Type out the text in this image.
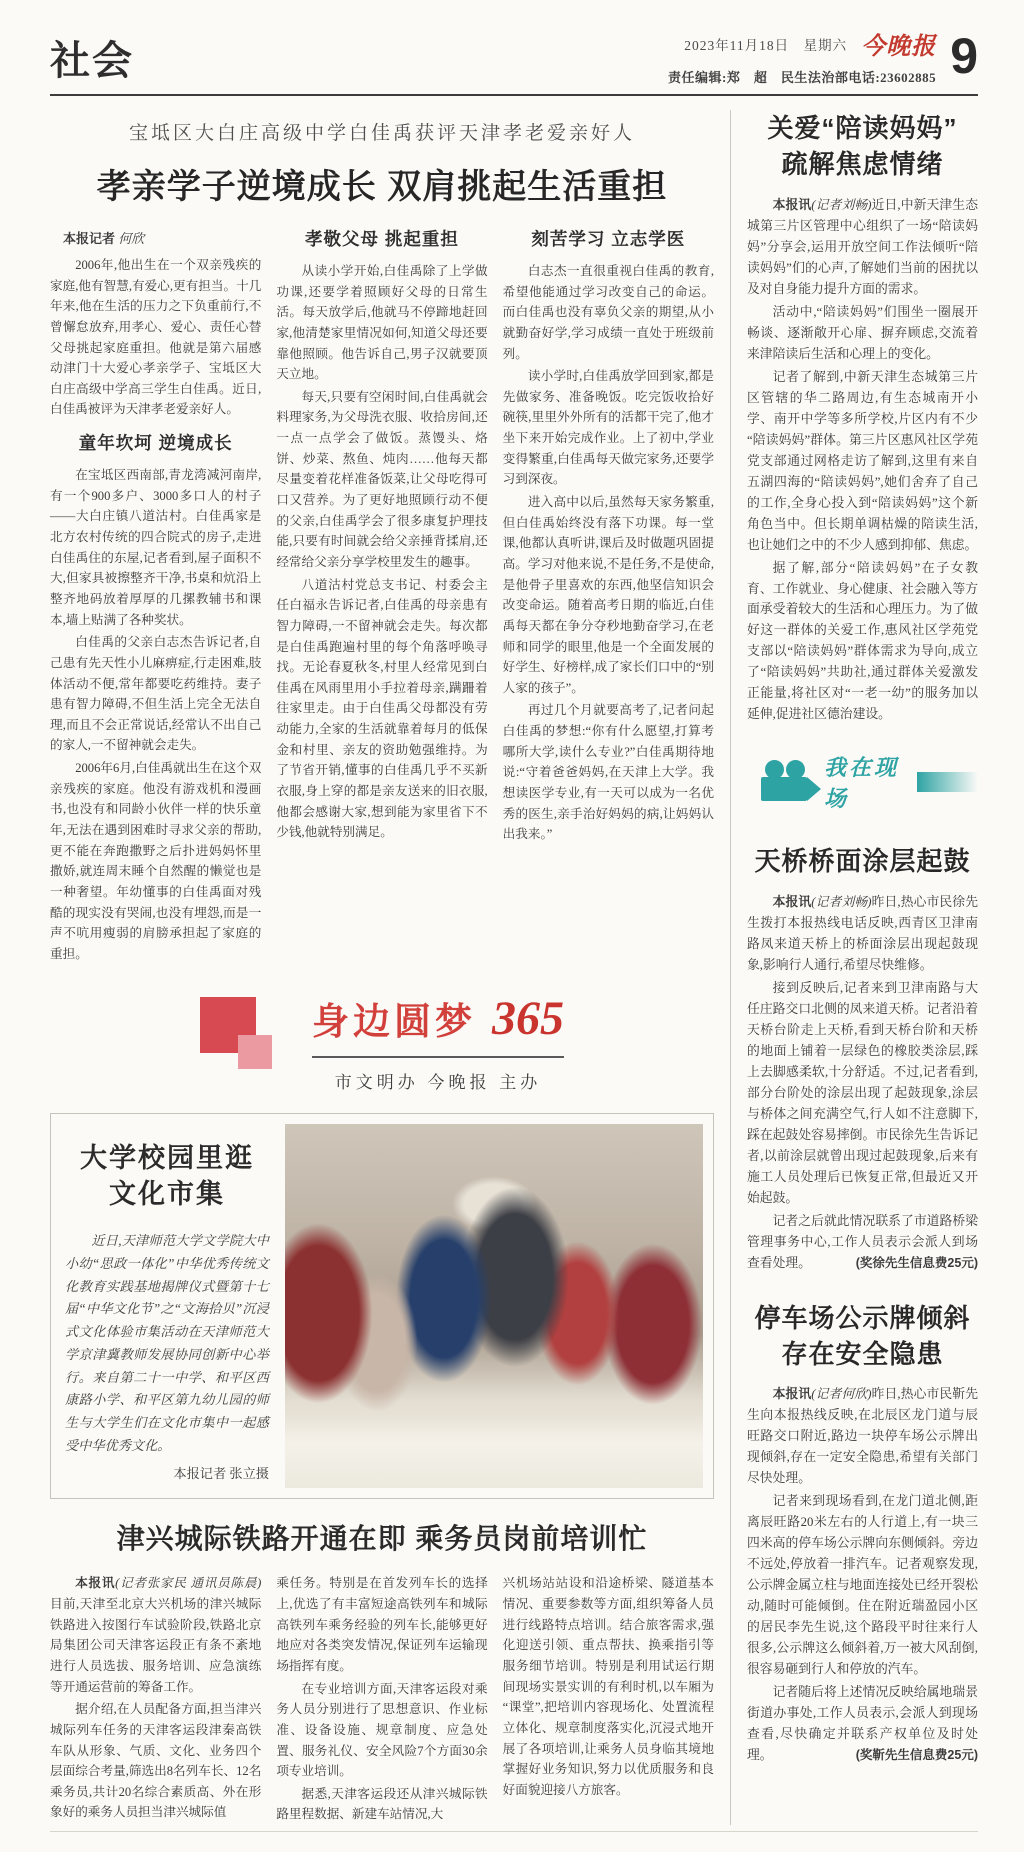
社会	2023年11月18日　星期六 今晚报
责任编辑:郑　超　民生法治部电话:23602885 9
宝坻区大白庄高级中学白佳禹获评天津孝老爱亲好人
孝亲学子逆境成长 双肩挑起生活重担
本报记者 何欣

2006年,他出生在一个双亲残疾的家庭,他有智慧,有爱心,更有担当。十几年来,他在生活的压力之下负重前行,不曾懈怠放弃,用孝心、爱心、责任心替父母挑起家庭重担。他就是第六届感动津门十大爱心孝亲学子、宝坻区大白庄高级中学高三学生白佳禹。近日,白佳禹被评为天津孝老爱亲好人。

童年坎坷 逆境成长

在宝坻区西南部,青龙湾减河南岸,有一个900多户、3000多口人的村子——大白庄镇八道沽村。白佳禹家是北方农村传统的四合院式的房子,走进白佳禹住的东屋,记者看到,屋子面积不大,但家具被擦整齐干净,书桌和炕沿上整齐地码放着厚厚的几摞教辅书和课本,墙上贴满了各种奖状。

白佳禹的父亲白志杰告诉记者,自己患有先天性小儿麻痹症,行走困难,肢体活动不便,常年都要吃药维持。妻子患有智力障碍,不但生活上完全无法自理,而且不会正常说话,经常认不出自己的家人,一不留神就会走失。

2006年6月,白佳禹就出生在这个双亲残疾的家庭。他没有游戏机和漫画书,也没有和同龄小伙伴一样的快乐童年,无法在遇到困难时寻求父亲的帮助,更不能在奔跑撒野之后扑进妈妈怀里撒娇,就连周末睡个自然醒的懒觉也是一种奢望。年幼懂事的白佳禹面对残酷的现实没有哭闹,也没有埋怨,而是一声不吭用瘦弱的肩膀承担起了家庭的重担。

孝敬父母 挑起重担

从读小学开始,白佳禹除了上学做功课,还要学着照顾好父母的日常生活。每天放学后,他就马不停蹄地赶回家,他清楚家里情况如何,知道父母还要靠他照顾。他告诉自己,男子汉就要顶天立地。

每天,只要有空闲时间,白佳禹就会料理家务,为父母洗衣服、收拾房间,还一点一点学会了做饭。蒸馒头、烙饼、炒菜、熬鱼、炖肉……他每天都尽量变着花样准备饭菜,让父母吃得可口又营养。为了更好地照顾行动不便的父亲,白佳禹学会了很多康复护理技能,只要有时间就会给父亲捶背揉肩,还经常给父亲分享学校里发生的趣事。

八道沽村党总支书记、村委会主任白福永告诉记者,白佳禹的母亲患有智力障碍,一不留神就会走失。每次都是白佳禹跑遍村里的每个角落呼唤寻找。无论春夏秋冬,村里人经常见到白佳禹在风雨里用小手拉着母亲,蹒跚着往家里走。由于白佳禹父母都没有劳动能力,全家的生活就靠着每月的低保金和村里、亲友的资助勉强维持。为了节省开销,懂事的白佳禹几乎不买新衣服,身上穿的都是亲友送来的旧衣服,他都会感谢大家,想到能为家里省下不少钱,他就特别满足。

刻苦学习 立志学医

白志杰一直很重视白佳禹的教育,希望他能通过学习改变自己的命运。而白佳禹也没有辜负父亲的期望,从小就勤奋好学,学习成绩一直处于班级前列。

读小学时,白佳禹放学回到家,都是先做家务、准备晚饭。吃完饭收拾好碗筷,里里外外所有的活都干完了,他才坐下来开始完成作业。上了初中,学业变得繁重,白佳禹每天做完家务,还要学习到深夜。

进入高中以后,虽然每天家务繁重,但白佳禹始终没有落下功课。每一堂课,他都认真听讲,课后及时做题巩固提高。学习对他来说,不是任务,不是使命,是他骨子里喜欢的东西,他坚信知识会改变命运。随着高考日期的临近,白佳禹每天都在争分夺秒地勤奋学习,在老师和同学的眼里,他是一个全面发展的好学生、好榜样,成了家长们口中的“别人家的孩子”。

再过几个月就要高考了,记者问起白佳禹的梦想:“你有什么愿望,打算考哪所大学,读什么专业?”白佳禹期待地说:“守着爸爸妈妈,在天津上大学。我想读医学专业,有一天可以成为一名优秀的医生,亲手治好妈妈的病,让妈妈认出我来。”

身边圆梦 365
市文明办 今晚报 主办
大学校园里逛
文化市集

近日,天津师范大学文学院大中小幼“思政一体化”中华优秀传统文化教育实践基地揭牌仪式暨第十七届“中华文化节”之“文海拾贝”沉浸式文化体验市集活动在天津师范大学京津冀教师发展协同创新中心举行。来自第二十一中学、和平区西康路小学、和平区第九幼儿园的师生与大学生们在文化市集中一起感受中华优秀文化。

本报记者 张立摄
津兴城际铁路开通在即 乘务员岗前培训忙

本报讯(记者张家民 通讯员陈晨)目前,天津至北京大兴机场的津兴城际铁路进入按图行车试验阶段,铁路北京局集团公司天津客运段正有条不紊地进行人员选拔、服务培训、应急演练等开通运营前的筹备工作。

据介绍,在人员配备方面,担当津兴城际列车任务的天津客运段津秦高铁车队从形象、气质、文化、业务四个层面综合考量,筛选出8名列车长、12名乘务员,共计20名综合素质高、外在形象好的乘务人员担当津兴城际值

乘任务。特别是在首发列车长的选择上,优选了有丰富短途高铁列车和城际高铁列车乘务经验的列车长,能够更好地应对各类突发情况,保证列车运输现场指挥有度。

在专业培训方面,天津客运段对乘务人员分别进行了思想意识、作业标准、设备设施、规章制度、应急处置、服务礼仪、安全风险7个方面30余项专业培训。

据悉,天津客运段还从津兴城际铁路里程数据、新建车站情况,大

兴机场站站设和沿途桥梁、隧道基本情况、重要参数等方面,组织筹备人员进行线路特点培训。结合旅客需求,强化迎送引领、重点帮扶、换乘指引等服务细节培训。特别是利用试运行期间现场实景实训的有利时机,以车厢为“课堂”,把培训内容现场化、处置流程立体化、规章制度落实化,沉浸式地开展了各项培训,让乘务人员身临其境地掌握好业务知识,努力以优质服务和良好面貌迎接八方旅客。

关爱“陪读妈妈”
疏解焦虑情绪

本报讯(记者刘畅)近日,中新天津生态城第三片区管理中心组织了一场“陪读妈妈”分享会,运用开放空间工作法倾听“陪读妈妈”们的心声,了解她们当前的困扰以及对自身能力提升方面的需求。

活动中,“陪读妈妈”们围坐一圈展开畅谈、逐渐敞开心扉、摒弃顾虑,交流着来津陪读后生活和心理上的变化。

记者了解到,中新天津生态城第三片区管辖的华二路周边,有生态城南开小学、南开中学等多所学校,片区内有不少“陪读妈妈”群体。第三片区惠风社区学苑党支部通过网格走访了解到,这里有来自五湖四海的“陪读妈妈”,她们舍弃了自己的工作,全身心投入到“陪读妈妈”这个新角色当中。但长期单调枯燥的陪读生活,也让她们之中的不少人感到抑郁、焦虑。

据了解,部分“陪读妈妈”在子女教育、工作就业、身心健康、社会融入等方面承受着较大的生活和心理压力。为了做好这一群体的关爱工作,惠风社区学苑党支部以“陪读妈妈”群体需求为导向,成立了“陪读妈妈”共助社,通过群体关爱激发正能量,将社区对“一老一幼”的服务加以延伸,促进社区德治建设。

我在现场
天桥桥面涂层起鼓

本报讯(记者刘畅)昨日,热心市民徐先生拨打本报热线电话反映,西青区卫津南路凤来道天桥上的桥面涂层出现起鼓现象,影响行人通行,希望尽快维修。

接到反映后,记者来到卫津南路与大任庄路交口北侧的凤来道天桥。记者沿着天桥台阶走上天桥,看到天桥台阶和天桥的地面上铺着一层绿色的橡胶类涂层,踩上去脚感柔软,十分舒适。不过,记者看到,部分台阶处的涂层出现了起鼓现象,涂层与桥体之间充满空气,行人如不注意脚下,踩在起鼓处容易摔倒。市民徐先生告诉记者,以前涂层就曾出现过起鼓现象,后来有施工人员处理后已恢复正常,但最近又开始起鼓。

记者之后就此情况联系了市道路桥梁管理事务中心,工作人员表示会派人到场查看处理。	(奖徐先生信息费25元)

停车场公示牌倾斜
存在安全隐患

本报讯(记者何欣)昨日,热心市民靳先生向本报热线反映,在北辰区龙门道与辰旺路交口附近,路边一块停车场公示牌出现倾斜,存在一定安全隐患,希望有关部门尽快处理。

记者来到现场看到,在龙门道北侧,距离辰旺路20米左右的人行道上,有一块三四米高的停车场公示牌向东侧倾斜。旁边不远处,停放着一排汽车。记者观察发现,公示牌金属立柱与地面连接处已经开裂松动,随时可能倾倒。住在附近瑞盈园小区的居民李先生说,这个路段平时往来行人很多,公示牌这么倾斜着,万一被大风刮倒,很容易砸到行人和停放的汽车。

记者随后将上述情况反映给属地瑞景街道办事处,工作人员表示,会派人到现场查看,尽快确定并联系产权单位及时处理。	(奖靳先生信息费25元)
